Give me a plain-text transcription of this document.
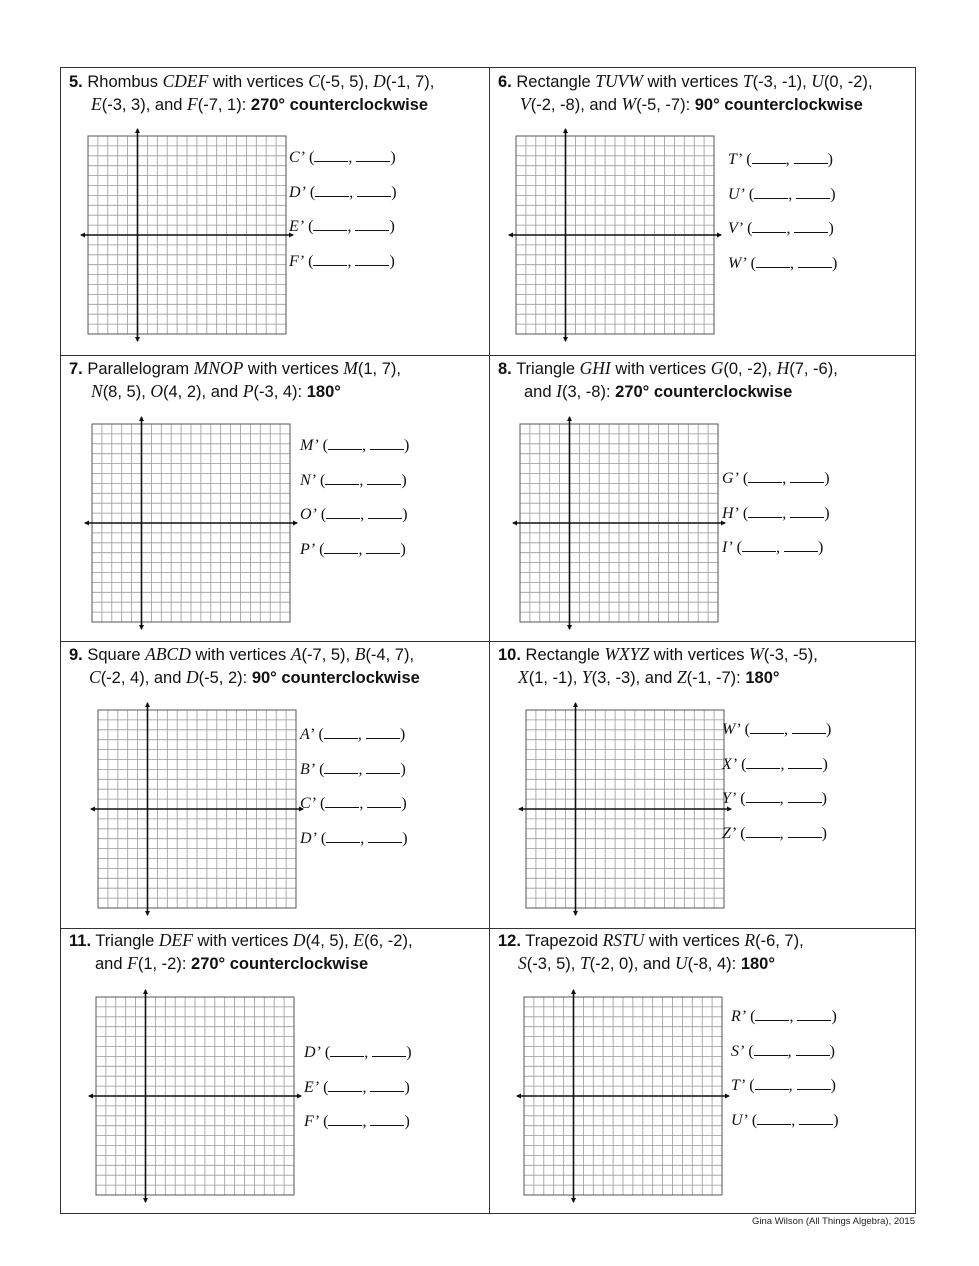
Gina Wilson (All Things Algebra), 2015
5. Rhombus CDEF with vertices C(-5, 5), D(-1, 7),
E(-3, 3), and F(-7, 1): 270° counterclockwise
C’ ( , )
D’ ( , )
E’ ( , )
F’ ( , )
6. Rectangle TUVW with vertices T(-3, -1), U(0, -2),
V(-2, -8), and W(-5, -7): 90° counterclockwise
T’ ( , )
U’ ( , )
V’ ( , )
W’ ( , )
7. Parallelogram MNOP with vertices M(1, 7),
N(8, 5), O(4, 2), and P(-3, 4): 180°
M’ ( , )
N’ ( , )
O’ ( , )
P’ ( , )
8. Triangle GHI with vertices G(0, -2), H(7, -6),
and I(3, -8): 270° counterclockwise
G’ ( , )
H’ ( , )
I’ ( , )
9. Square ABCD with vertices A(-7, 5), B(-4, 7),
C(-2, 4), and D(-5, 2): 90° counterclockwise
A’ ( , )
B’ ( , )
C’ ( , )
D’ ( , )
10. Rectangle WXYZ with vertices W(-3, -5),
X(1, -1), Y(3, -3), and Z(-1, -7): 180°
W’ ( , )
X’ ( , )
Y’ ( , )
Z’ ( , )
11. Triangle DEF with vertices D(4, 5), E(6, -2),
and F(1, -2): 270° counterclockwise
D’ ( , )
E’ ( , )
F’ ( , )
12. Trapezoid RSTU with vertices R(-6, 7),
S(-3, 5), T(-2, 0), and U(-8, 4): 180°
R’ ( , )
S’ ( , )
T’ ( , )
U’ ( , )
